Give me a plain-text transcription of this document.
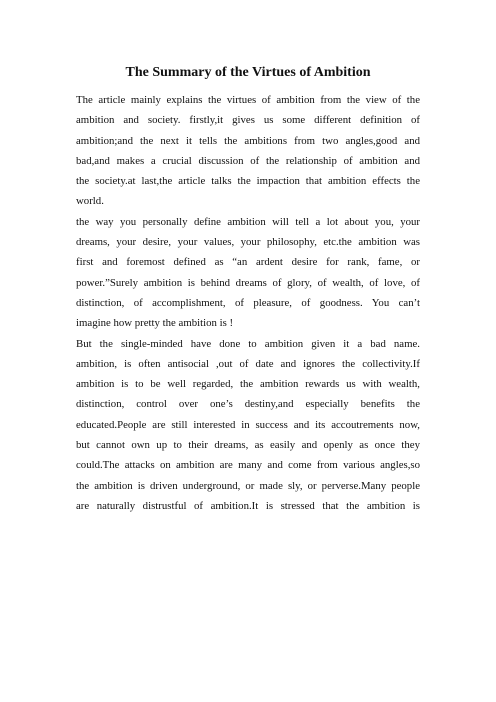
The Summary of the Virtues of Ambition
The article mainly explains the virtues of ambition from the view of the
ambition and society. firstly,it gives us some different definition of
ambition;and the next it tells the ambitions from two angles,good and
bad,and makes a crucial discussion of the relationship of ambition and
the society.at last,the article talks the impaction that ambition effects the
world.
the way you personally define ambition will tell a lot about you, your
dreams, your desire, your values, your philosophy, etc.the ambition was
first and foremost defined as “an ardent desire for rank, fame, or
power.”Surely ambition is behind dreams of glory, of wealth, of love, of
distinction, of accomplishment, of pleasure, of goodness. You can’t
imagine how pretty the ambition is !
But the single-minded have done to ambition given it a bad name.
ambition, is often antisocial ,out of date and ignores the collectivity.If
ambition is to be well regarded, the ambition rewards us with wealth,
distinction, control over one’s destiny,and especially benefits the
educated.People are still interested in success and its accoutrements now,
but cannot own up to their dreams, as easily and openly as once they
could.The attacks on ambition are many and come from various angles,so
the ambition is driven underground, or made sly, or perverse.Many people
are naturally distrustful of ambition.It is stressed that the ambition is
